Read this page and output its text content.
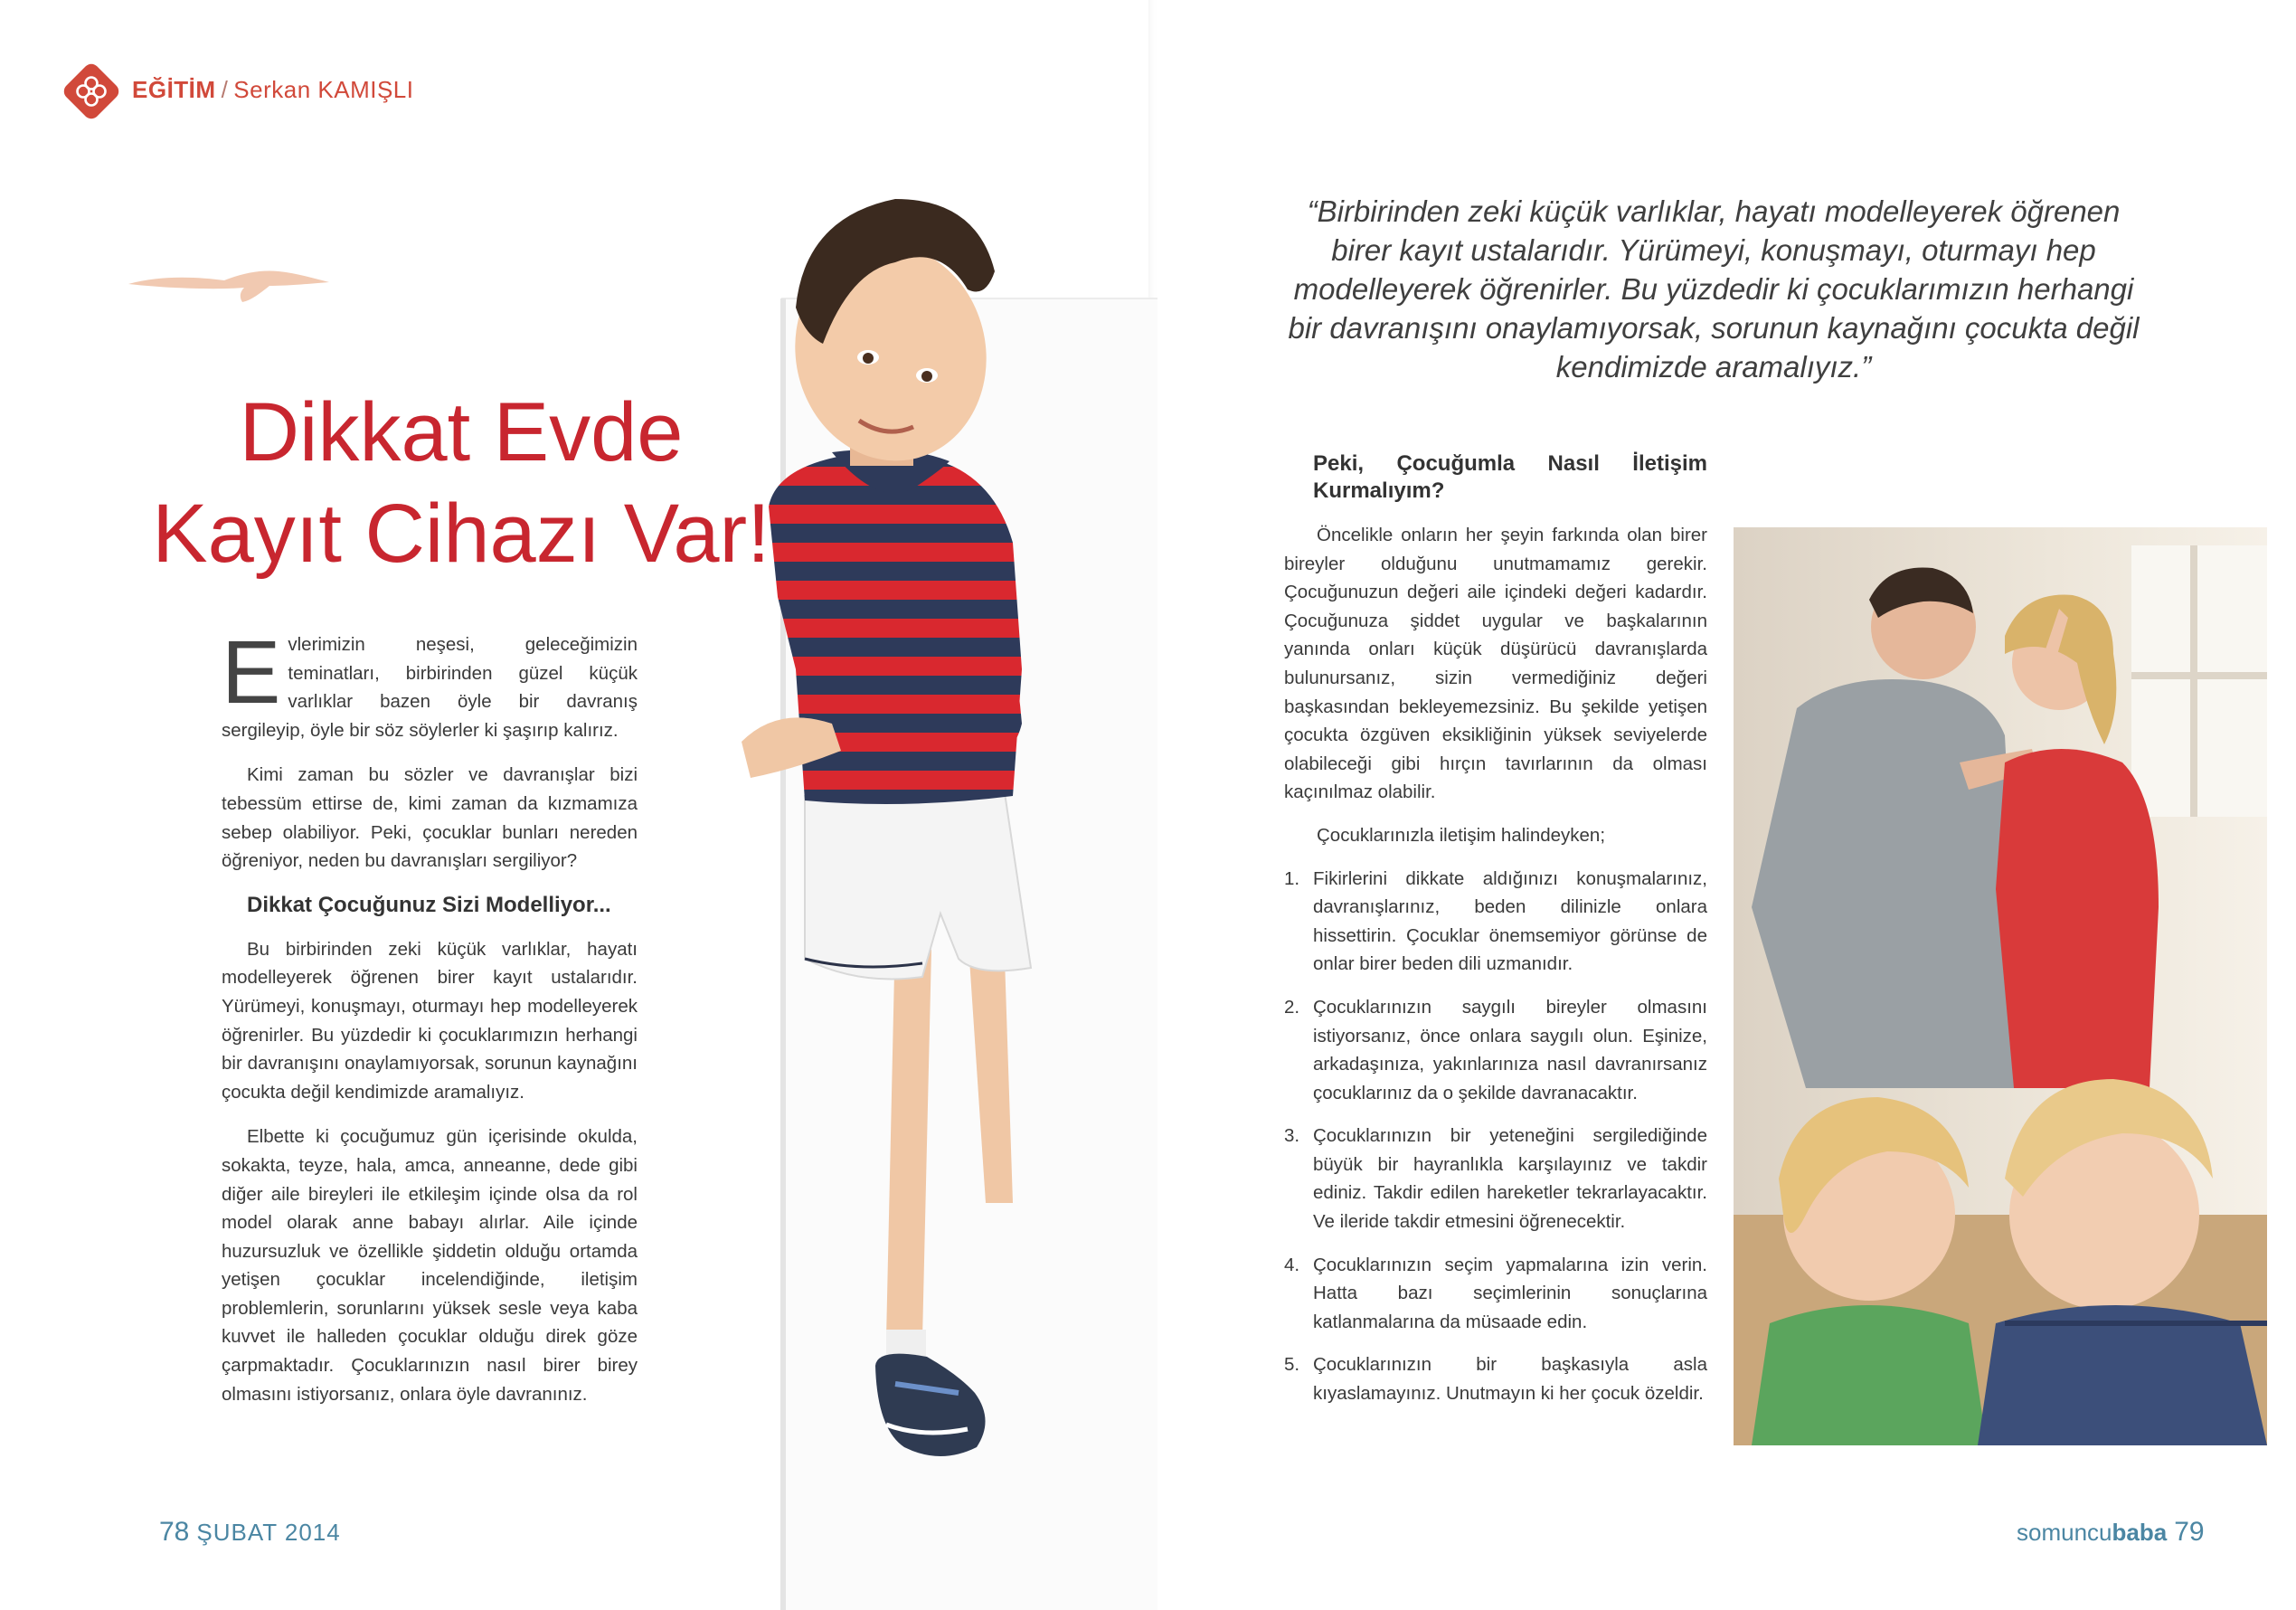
EĞİTİM / Serkan KAMIŞLI
Dikkat Evde
Kayıt Cihazı Var!

Evlerimizin neşesi, geleceğimizin teminatları, birbirinden güzel küçük varlıklar bazen öyle bir davranış sergileyip, öyle bir söz söylerler ki şaşırıp kalırız.

Kimi zaman bu sözler ve davranışlar bizi tebessüm ettirse de, kimi zaman da kızmamıza sebep olabiliyor. Peki, çocuklar bunları nereden öğreniyor, neden bu davranışları sergiliyor?

Dikkat Çocuğunuz Sizi Modelliyor...

Bu birbirinden zeki küçük varlıklar, hayatı modelleyerek öğrenen birer kayıt ustalarıdır. Yürümeyi, konuşmayı, oturmayı hep modelleyerek öğrenirler. Bu yüzdedir ki çocuklarımızın herhangi bir davranışını onaylamıyorsak, sorunun kaynağını çocukta değil kendimizde aramalıyız.

Elbette ki çocuğumuz gün içerisinde okulda, sokakta, teyze, hala, amca, anneanne, dede gibi diğer aile bireyleri ile etkileşim içinde olsa da rol model olarak anne babayı alırlar. Aile içinde huzursuzluk ve özellikle şiddetin olduğu ortamda yetişen çocuklar incelendiğinde, iletişim problemlerin, sorunlarını yüksek sesle veya kaba kuvvet ile halleden çocuklar olduğu direk göze çarpmaktadır. Çocuklarınızın nasıl birer birey olmasını istiyorsanız, onlara öyle davranınız.

“Birbirinden zeki küçük varlıklar, hayatı modelleyerek öğrenen birer kayıt ustalarıdır. Yürümeyi, konuşmayı, oturmayı hep modelleyerek öğrenirler. Bu yüzdedir ki çocuklarımızın herhangi bir davranışını onaylamıyorsak, sorunun kaynağını çocukta değil kendimizde aramalıyız.”
Peki, Çocuğumla Nasıl İletişim Kurmalıyım?

Öncelikle onların her şeyin farkında olan birer bireyler olduğunu unutmamamız gerekir. Çocuğunuzun değeri aile içindeki değeri kadardır. Çocuğunuza şiddet uygular ve başkalarının yanında onları küçük düşürücü davranışlarda bulunursanız, sizin vermediğiniz değeri başkasından bekleyemezsiniz. Bu şekilde yetişen çocukta özgüven eksikliğinin yüksek seviyelerde olabileceği gibi hırçın tavırlarının da olması kaçınılmaz olabilir.

Çocuklarınızla iletişim halindeyken;

1. Fikirlerini dikkate aldığınızı konuşmalarınız, davranışlarınız, beden dilinizle onlara hissettirin. Çocuklar önemsemiyor görünse de onlar birer beden dili uzmanıdır.
2. Çocuklarınızın saygılı bireyler olmasını istiyorsanız, önce onlara saygılı olun. Eşinize, arkadaşınıza, yakınlarınıza nasıl davranırsanız çocuklarınız da o şekilde davranacaktır.
3. Çocuklarınızın bir yeteneğini sergilediğinde büyük bir hayranlıkla karşılayınız ve takdir ediniz. Takdir edilen hareketler tekrarlayacaktır. Ve ileride takdir etmesini öğrenecektir.
4. Çocuklarınızın seçim yapmalarına izin verin. Hatta bazı seçimlerinin sonuçlarına katlanmalarına da müsaade edin.
5. Çocuklarınızın bir başkasıyla asla kıyaslamayınız. Unutmayın ki her çocuk özeldir.
78 ŞUBAT 2014	somuncubaba 79
